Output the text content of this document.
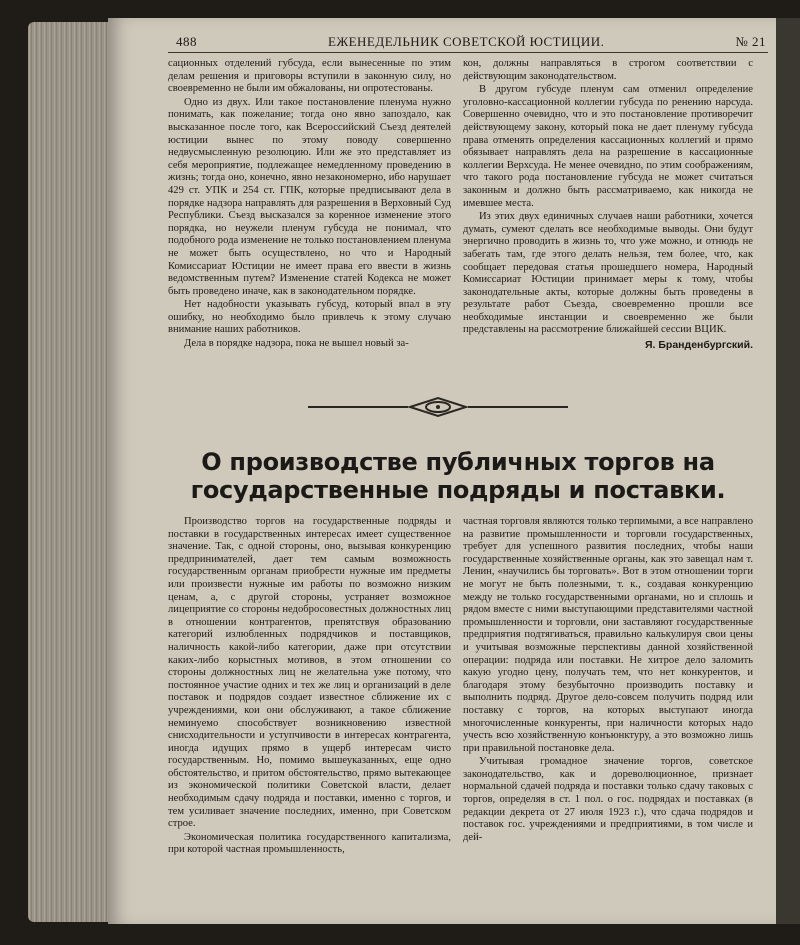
488	ЕЖЕНЕДЕЛЬНИК СОВЕТСКОЙ ЮСТИЦИИ.	№ 21

сационных отделений губсуда, если вынесенные по этим делам решения и приговоры вступили в законную силу, но своевременно не были им обжалованы, ни опротестованы.

Одно из двух. Или такое постановление пленума нужно понимать, как пожелание; тогда оно явно запоздало, как высказанное после того, как Всероссийский Съезд деятелей юстиции вынес по этому поводу совершенно недвусмысленную резолюцию. Или же это представляет из себя мероприятие, подлежащее немедленному проведению в жизнь; тогда оно, конечно, явно незакономерно, ибо нарушает 429 ст. УПК и 254 ст. ГПК, которые предписывают дела в порядке надзора направлять для разрешения в Верховный Суд Республики. Съезд высказался за коренное изменение этого порядка, но неужели пленум губсуда не понимал, что подобного рода изменение не только постановлением пленума не может быть осуществлено, но что и Народный Комиссариат Юстиции не имеет права его ввести в жизнь ведомственным путем? Изменение статей Кодекса не может быть проведено иначе, как в законодательном порядке.

Нет надобности указывать губсуд, который впал в эту ошибку, но необходимо было привлечь к этому случаю внимание наших работников.

Дела в порядке надзора, пока не вышел новый за-

кон, должны направляться в строгом соответствии с действующим законодательством.

В другом губсуде пленум сам отменил определение уголовно-кассационной коллегии губсуда по ренению нарсуда. Совершенно очевидно, что и это постановление противоречит действующему закону, который пока не дает пленуму губсуда права отменять определения кассационных коллегий и прямо обязывает направлять дела на разрешение в кассационные коллегии Верхсуда. Не менее очевидно, по этим соображениям, что такого рода постановление губсуда не может считаться законным и должно быть рассматриваемо, как никогда не имевшее места.

Из этих двух единичных случаев наши работники, хочется думать, сумеют сделать все необходимые выводы. Они будут энергично проводить в жизнь то, что уже можно, и отнюдь не забегать там, где этого делать нельзя, тем более, что, как сообщает передовая статья прошедшего номера, Народный Комиссариат Юстиции принимает меры к тому, чтобы законодательные акты, которые должны быть проведены в результате работ Съезда, своевременно прошли все необходимые инстанции и своевременно же были представлены на рассмотрение ближайшей сессии ВЦИК.

Я. Бранденбургский.

О производстве публичных торгов на государственные подряды и поставки.

Производство торгов на государственные подряды и поставки в государственных интересах имеет существенное значение. Так, с одной стороны, оно, вызывая конкуренцию предпринимателей, дает тем самым возможность государственным органам приобрести нужные им предметы или произвести нужные им работы по возможно низким ценам, а, с другой стороны, устраняет возможное лицеприятие со стороны недобросовестных должностных лиц в отношении контрагентов, препятствуя образованию категорий излюбленных подрядчиков и поставщиков, наличность какой-либо категории, даже при отсутствии каких-либо корыстных мотивов, в этом отношении со стороны должностных лиц не желательна уже потому, что постоянное участие одних и тех же лиц и организаций в деле поставок и подрядов создает известное сближение их с учреждениями, кои они обслуживают, а такое сближение неминуемо способствует возникновению известной снисходительности и уступчивости в интересах контрагента, иногда идущих прямо в ущерб интересам чисто государственным. Но, помимо вышеуказанных, еще одно обстоятельство, и притом обстоятельство, прямо вытекающее из экономической политики Советской власти, делает необходимым сдачу подряда и поставки, именно с торгов, и тем усиливает значение последних, именно, при Советском строе.

Экономическая политика государственного капитализма, при которой частная промышленность,

частная торговля являются только терпимыми, а все направлено на развитие промышленности и торговли государственных, требует для успешного развития последних, чтобы наши государственные хозяйственные органы, как это завещал нам т. Ленин, «научились бы торговать». Вот в этом отношении торги не могут не быть полезными, т. к., создавая конкуренцию между не только государственными органами, но и сплошь и рядом вместе с ними выступающими представителями частной промышленности и торговли, они заставляют государственные предприятия подтягиваться, правильно калькулируя свои цены и учитывая возможные перспективы данной хозяйственной операции: подряда или поставки. Не хитрое дело заломить какую угодно цену, получать тем, что нет конкурентов, и благодаря этому безубыточно производить поставку и выполнить подряд. Другое дело-совсем получить подряд или поставку с торгов, на которых выступают иногда многочисленные конкуренты, при наличности которых надо учесть всю хозяйственную конъюнктуру, а это возможно лишь при правильной постановке дела.

Учитывая громадное значение торгов, советское законодательство, как и дореволюционное, признает нормальной сдачей подряда и поставки только сдачу таковых с торгов, определяя в ст. 1 пол. о гос. подрядах и поставках (в редакции декрета от 27 июля 1923 г.), что сдача подрядов и поставок гос. учреждениями и предприятиями, в том числе и дей-
